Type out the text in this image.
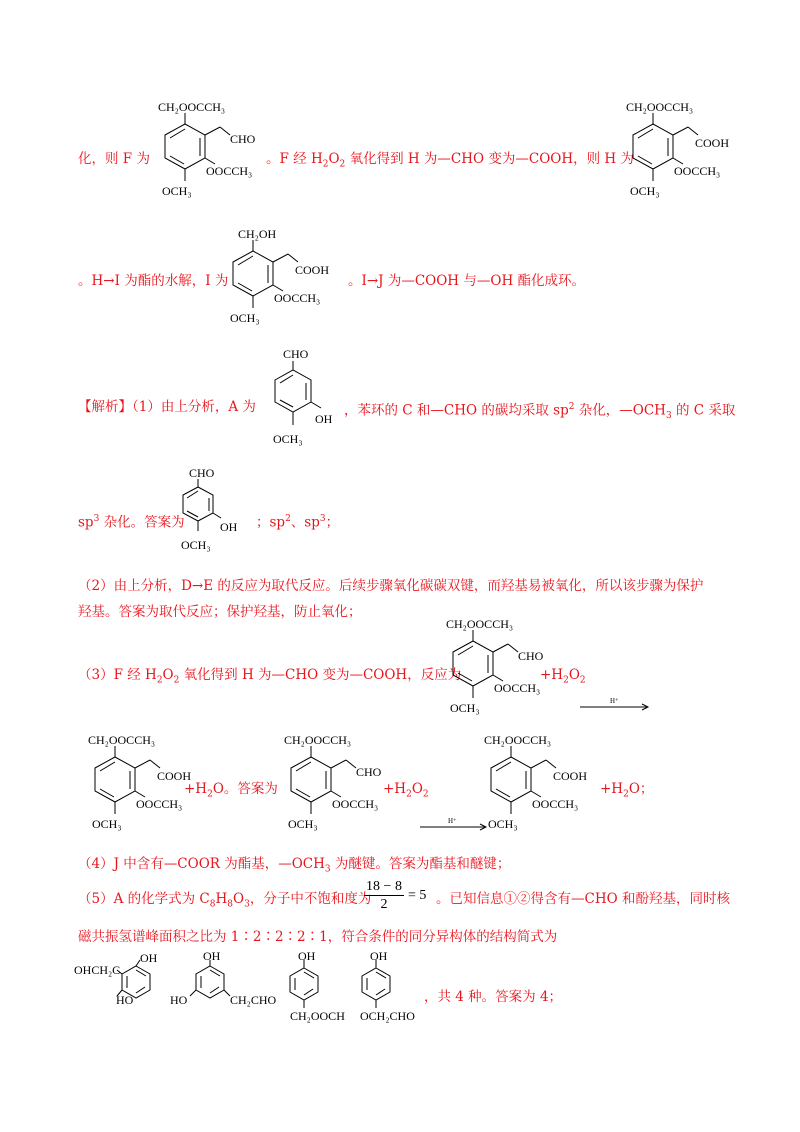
化，则 F 为	。F 经 $H_2O_2$ 氧化得到 H 为—CHO 变为—COOH，则 H 为
CH₂OOCCH₃
CHO
OOCCH₃
OCH₃
CH₂OOCCH₃
COOH
OOCCH₃
OCH₃
。H→I 为酯的水解，I 为
CH₂OH
COOH
OOCCH₃
OCH₃
。I→J 为—COOH 与—OH 酯化成环。
【解析】（1）由上分析，A 为
CHO
OH
OCH₃
，苯环的 C 和—CHO 的碳均采取 $sp^2$ 杂化，$—OCH_3$ 的 C 采取
$sp^3$ 杂化。答案为
CHO
OH
OCH₃
；$sp^2$、$sp^3$；
（2）由上分析，D→E 的反应为取代反应。后续步骤氧化碳碳双键，而羟基易被氧化，所以该步骤为保护
羟基。答案为取代反应；保护羟基，防止氧化；
（3）F 经 $H_2O_2$ 氧化得到 H 为—CHO 变为—COOH，反应为
CH₂OOCCH₃
CHO
OOCCH₃
OCH₃
$+H_2O_2$
H⁺
CH₂OOCCH₃
COOH
OOCCH₃
OCH₃
$+H_2O$。答案为
CH₂OOCCH₃
CHO
OOCCH₃
OCH₃
$+H_2O_2$
H⁺
CH₂OOCCH₃
COOH
OOCCH₃
OCH₃
$+H_2O$；
（4）J 中含有—COOR 为酯基，$—OCH_3$ 为醚键。答案为酯基和醚键；
（5）A 的化学式为 $C_8H_8O_3$，分子中不饱和度为
$\frac{18 - 8}{2} = 5$ 。已知信息①②得含有—CHO 和酚羟基，同时核
磁共振氢谱峰面积之比为 1∶2∶2∶2∶1，符合条件的同分异构体的结构简式为
OH
OHCH₂C
HO
OH
HO	CH₂CHO
OH
CH₂OOCH
OH
OCH₂CHO
，共 4 种。答案为 4；
